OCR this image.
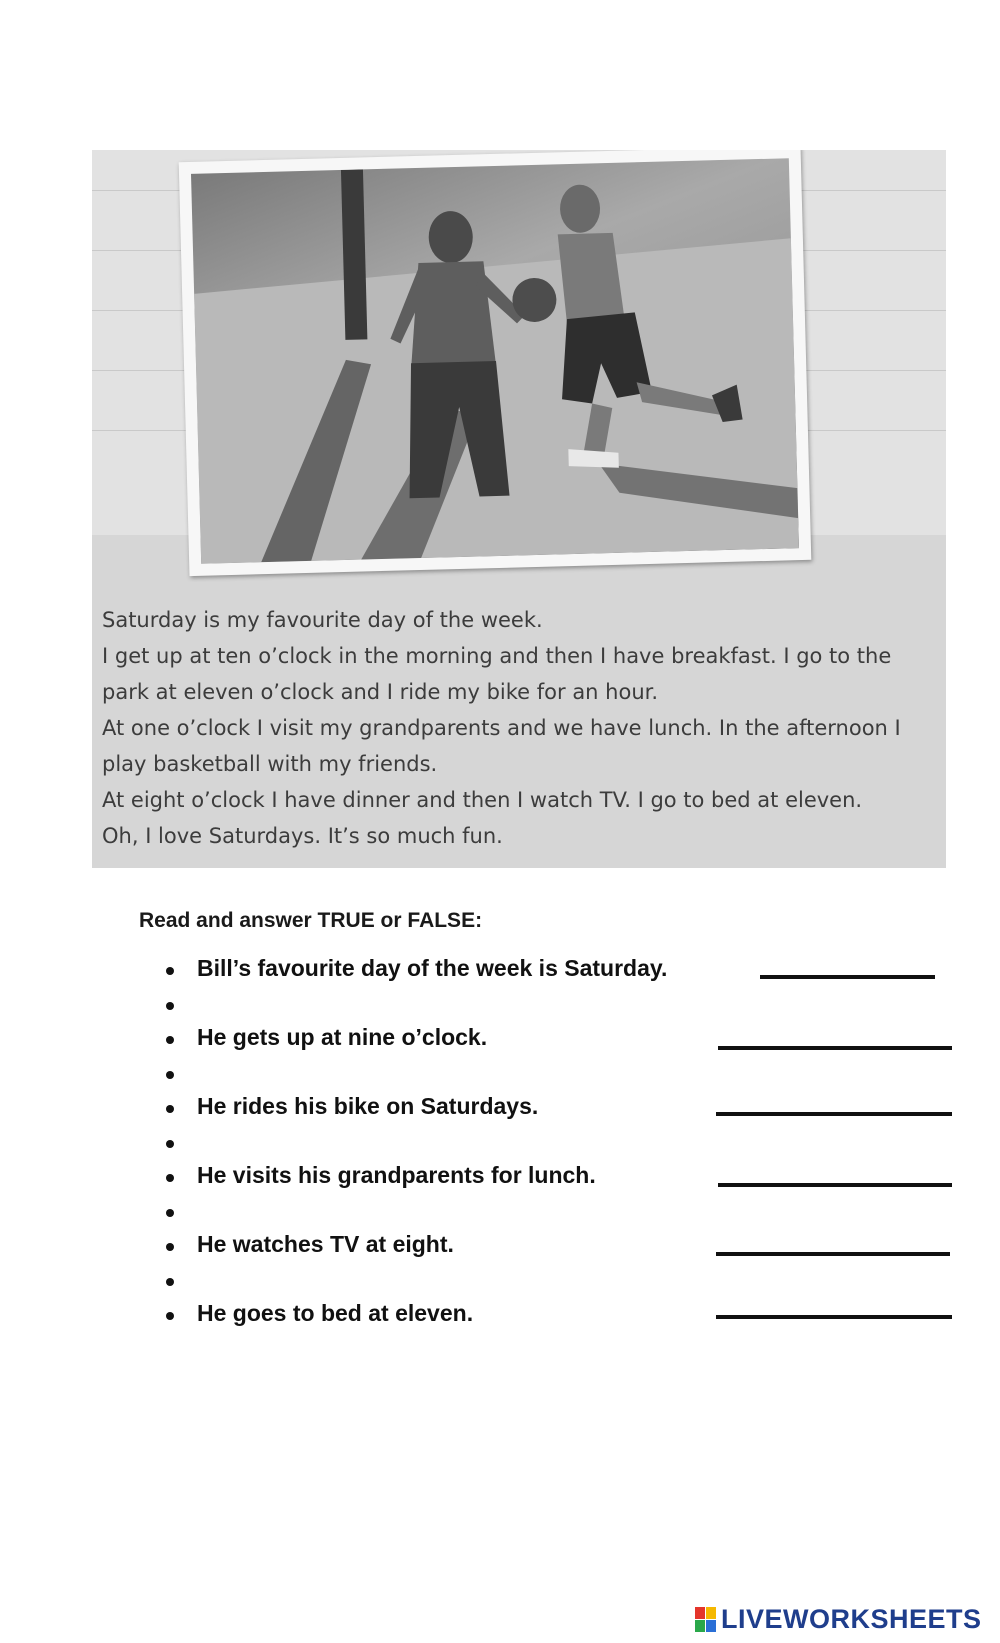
Saturday is my favourite day of the week.

I get up at ten o’clock in the morning and then I have breakfast. I go to the park at eleven o’clock and I ride my bike for an hour.

At one o’clock I visit my grandparents and we have lunch. In the afternoon I play basketball with my friends.

At eight o’clock I have dinner and then I watch TV. I go to bed at eleven.

Oh, I love Saturdays. It’s so much fun.

Read and answer TRUE or FALSE:
Bill’s favourite day of the week is Saturday.
He gets up at nine o’clock.
He rides his bike on Saturdays.
He visits his grandparents for lunch.
He watches TV at eight.
He goes to bed at eleven.
LIVEWORKSHEETS
